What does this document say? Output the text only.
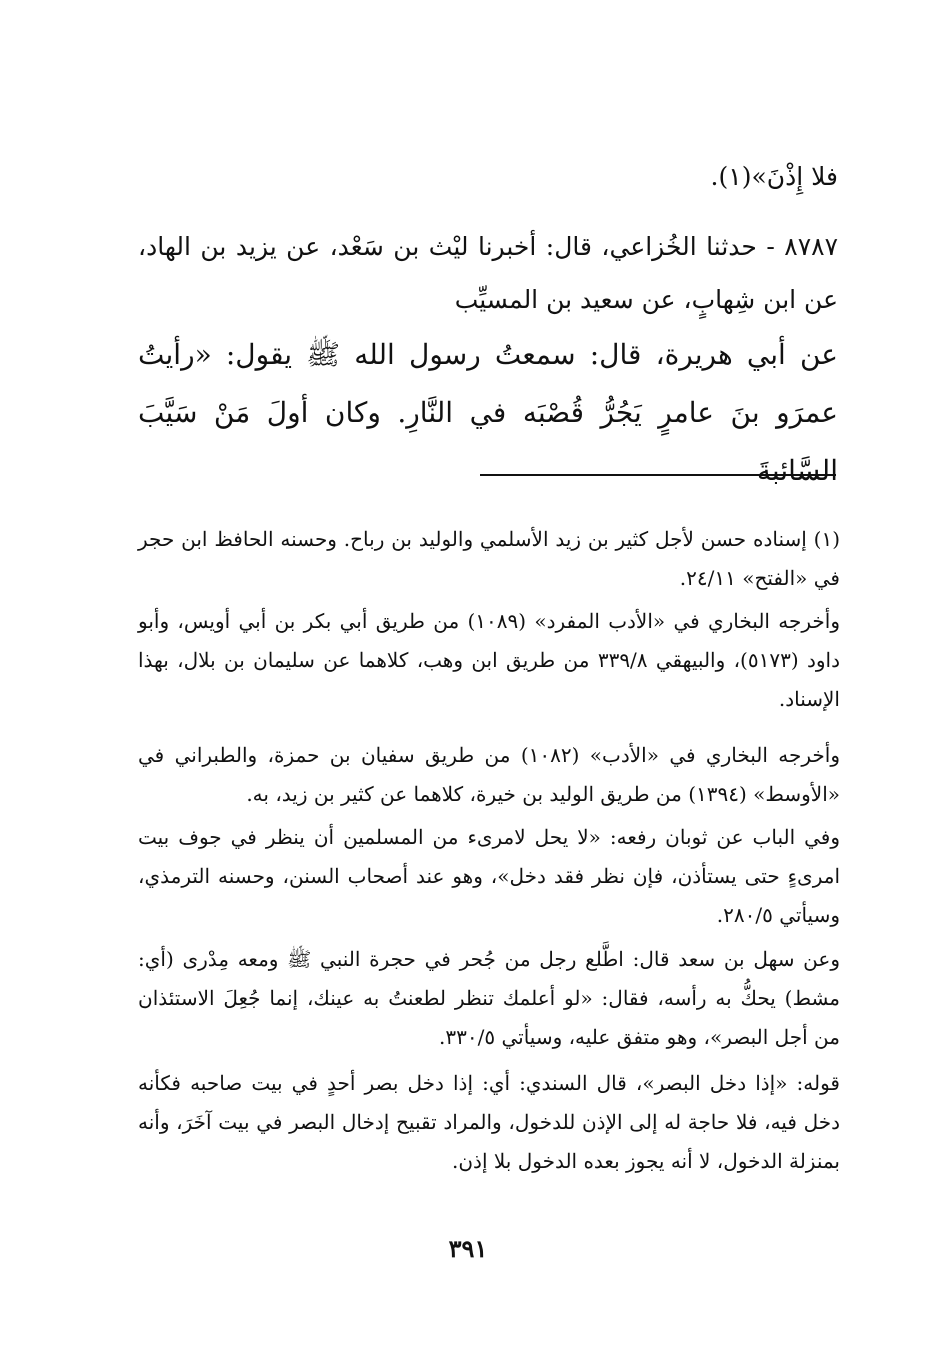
فلا إِذْنَ»(١).
٨٧٨٧ - حدثنا الخُزاعي، قال: أخبرنا ليْث بن سَعْد، عن يزيد بن الهاد، عن ابن شِهابٍ، عن سعيد بن المسيِّب
عن أبي هريرة، قال: سمعتُ رسول الله ﷺ يقول: «رأيتُ عمرَو بنَ عامرٍ يَجُرُّ قُصْبَه في النَّارِ. وكان أولَ مَنْ سَيَّبَ السَّائبةَ
(١) إسناده حسن لأجل كثير بن زيد الأسلمي والوليد بن رباح. وحسنه الحافظ ابن حجر في «الفتح» ٢٤/١١.
وأخرجه البخاري في «الأدب المفرد» (١٠٨٩) من طريق أبي بكر بن أبي أويس، وأبو داود (٥١٧٣)، والبيهقي ٣٣٩/٨ من طريق ابن وهب، كلاهما عن سليمان بن بلال، بهذا الإسناد.
وأخرجه البخاري في «الأدب» (١٠٨٢) من طريق سفيان بن حمزة، والطبراني في «الأوسط» (١٣٩٤) من طريق الوليد بن خيرة، كلاهما عن كثير بن زيد، به.
وفي الباب عن ثوبان رفعه: «لا يحل لامرىء من المسلمين أن ينظر في جوف بيت امرىءٍ حتى يستأذن، فإن نظر فقد دخل»، وهو عند أصحاب السنن، وحسنه الترمذي، وسيأتي ٢٨٠/٥.
وعن سهل بن سعد قال: اطَّلع رجل من جُحر في حجرة النبي ﷺ ومعه مِدْرى (أي: مشط) يحكُّ به رأسه، فقال: «لو أعلمك تنظر لطعنتُ به عينك، إنما جُعِلَ الاستئذان من أجل البصر»، وهو متفق عليه، وسيأتي ٣٣٠/٥.
قوله: «إذا دخل البصر»، قال السندي: أي: إذا دخل بصر أحدٍ في بيت صاحبه فكأنه دخل فيه، فلا حاجة له إلى الإذن للدخول، والمراد تقبيح إدخال البصر في بيت آخَرَ، وأنه بمنزلة الدخول، لا أنه يجوز بعده الدخول بلا إذن.
٣٩١
